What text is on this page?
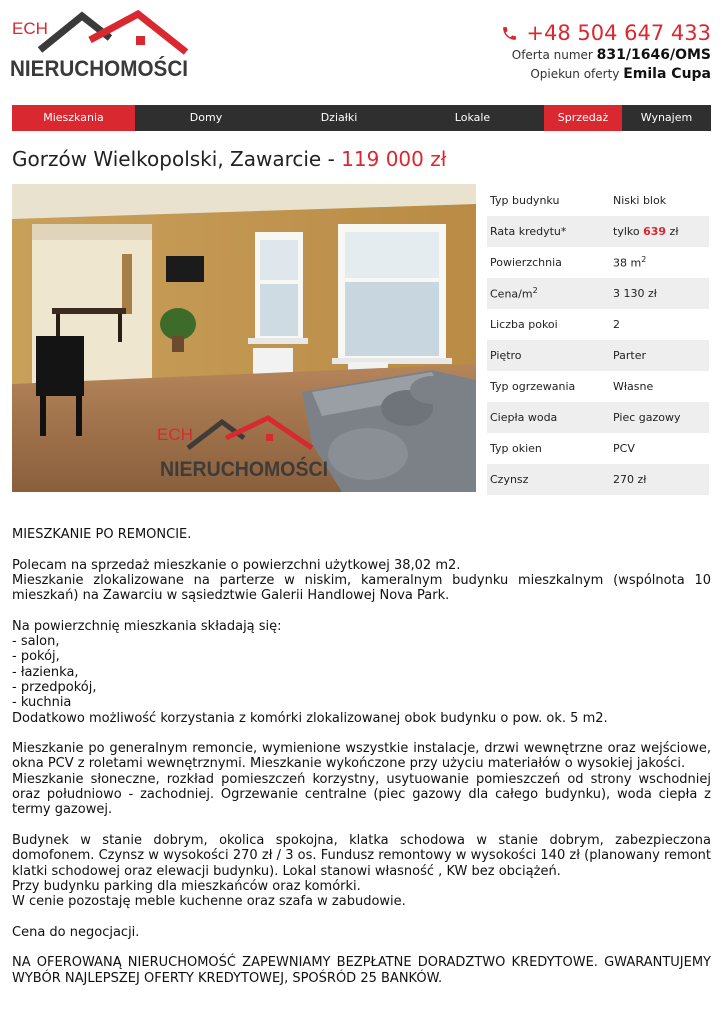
ECH
NIERUCHOMOŚCI
+48 504 647 433
Oferta numer 831/1646/OMS
Opiekun oferty Emila Cupa
Mieszkania	Domy	Działki	Lokale	Sprzedaż	Wynajem
Gorzów Wielkopolski, Zawarcie - 119 000 zł
ECH
NIERUCHOMOŚCI
Typ budynku	Niski blok
Rata kredytu*	tylko 639 zł
Powierzchnia	38 $m^2$
Cena/$m^2$	3 130 zł
Liczba pokoi	2
Piętro	Parter
Typ ogrzewania	Własne
Ciepła woda	Piec gazowy
Typ okien	PCV
Czynsz	270 zł

MIESZKANIE PO REMONCIE.

Polecam na sprzedaż mieszkanie o powierzchni użytkowej 38,02 m2.
Mieszkanie zlokalizowane na parterze w niskim, kameralnym budynku mieszkalnym (wspólnota 10 mieszkań) na Zawarciu w sąsiedztwie Galerii Handlowej Nova Park.

Na powierzchnię mieszkania składają się:
- salon,
- pokój,
- łazienka,
- przedpokój,
- kuchnia
Dodatkowo możliwość korzystania z komórki zlokalizowanej obok budynku o pow. ok. 5 m2.

Mieszkanie po generalnym remoncie, wymienione wszystkie instalacje, drzwi wewnętrzne oraz wejściowe, okna PCV z roletami wewnętrznymi. Mieszkanie wykończone przy użyciu materiałów o wysokiej jakości.
Mieszkanie słoneczne, rozkład pomieszczeń korzystny, usytuowanie pomieszczeń od strony wschodniej oraz południowo - zachodniej. Ogrzewanie centralne (piec gazowy dla całego budynku), woda ciepła z termy gazowej.

Budynek w stanie dobrym, okolica spokojna, klatka schodowa w stanie dobrym, zabezpieczona domofonem. Czynsz w wysokości 270 zł / 3 os. Fundusz remontowy w wysokości 140 zł (planowany remont klatki schodowej oraz elewacji budynku). Lokal stanowi własność , KW bez obciążeń.
Przy budynku parking dla mieszkańców oraz komórki.
W cenie pozostaję meble kuchenne oraz szafa w zabudowie.

Cena do negocjacji.

NA OFEROWANĄ NIERUCHOMOŚĆ ZAPEWNIAMY BEZPŁATNE DORADZTWO KREDYTOWE. GWARANTUJEMY WYBÓR NAJLEPSZEJ OFERTY KREDYTOWEJ, SPOŚRÓD 25 BANKÓW.
